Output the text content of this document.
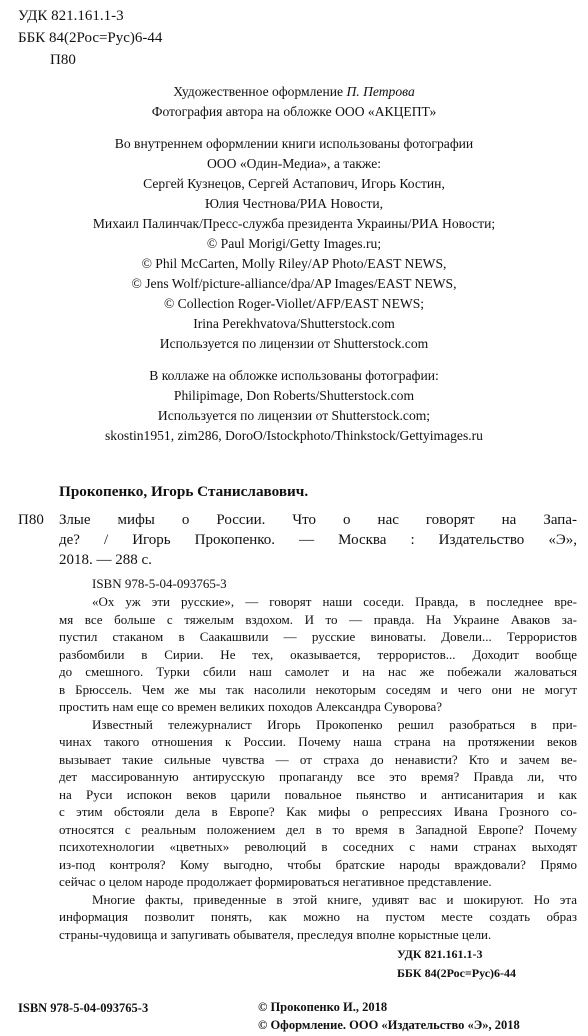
УДК 821.161.1-3
ББК 84(2Рос=Рус)6-44
П80
Художественное оформление П. Петрова
Фотография автора на обложке ООО «АКЦЕПТ»
Во внутреннем оформлении книги использованы фотографии
ООО «Один-Медиа», а также:
Сергей Кузнецов, Сергей Астапович, Игорь Костин,
Юлия Честнова/РИА Новости,
Михаил Палинчак/Пресс-служба президента Украины/РИА Новости;
© Paul Morigi/Getty Images.ru;
© Phil McCarten, Molly Riley/AP Photo/EAST NEWS,
© Jens Wolf/picture-alliance/dpa/AP Images/EAST NEWS,
© Collection Roger-Viollet/AFP/EAST NEWS;
Irina Perekhvatova/Shutterstock.com
Используется по лицензии от Shutterstock.com
В коллаже на обложке использованы фотографии:
Philipimage, Don Roberts/Shutterstock.com
Используется по лицензии от Shutterstock.com;
skostin1951, zim286, DoroO/Istockphoto/Thinkstock/Gettyimages.ru
Прокопенко, Игорь Станиславович.
П80 Злые мифы о России. Что о нас говорят на Запа-
де? / Игорь Прокопенко. — Москва : Издательство «Э»,
2018. — 288 с.
ISBN 978-5-04-093765-3
«Ох уж эти русские», — говорят наши соседи. Правда, в последнее вре-
мя все больше с тяжелым вздохом. И то — правда. На Украине Аваков за-
пустил стаканом в Саакашвили — русские виноваты. Довели... Террористов
разбомбили в Сирии. Не тех, оказывается, террористов... Доходит вообще
до смешного. Турки сбили наш самолет и на нас же побежали жаловаться
в Брюссель. Чем же мы так насолили некоторым соседям и чего они не могут
простить нам еще со времен великих походов Александра Суворова?
Известный тележурналист Игорь Прокопенко решил разобраться в при-
чинах такого отношения к России. Почему наша страна на протяжении веков
вызывает такие сильные чувства — от страха до ненависти? Кто и зачем ве-
дет массированную антирусскую пропаганду все это время? Правда ли, что
на Руси испокон веков царили повальное пьянство и антисанитария и как
с этим обстояли дела в Европе? Как мифы о репрессиях Ивана Грозного со-
относятся с реальным положением дел в то время в Западной Европе? Почему
психотехнологии «цветных» революций в соседних с нами странах выходят
из-под контроля? Кому выгодно, чтобы братские народы враждовали? Прямо
сейчас о целом народе продолжает формироваться негативное представление.
Многие факты, приведенные в этой книге, удивят вас и шокируют. Но эта
информация позволит понять, как можно на пустом месте создать образ
страны-чудовища и запугивать обывателя, преследуя вполне корыстные цели.
УДК 821.161.1-3
ББК 84(2Рос=Рус)6-44
ISBN 978-5-04-093765-3	© Прокопенко И., 2018
© Оформление. ООО «Издательство «Э», 2018
